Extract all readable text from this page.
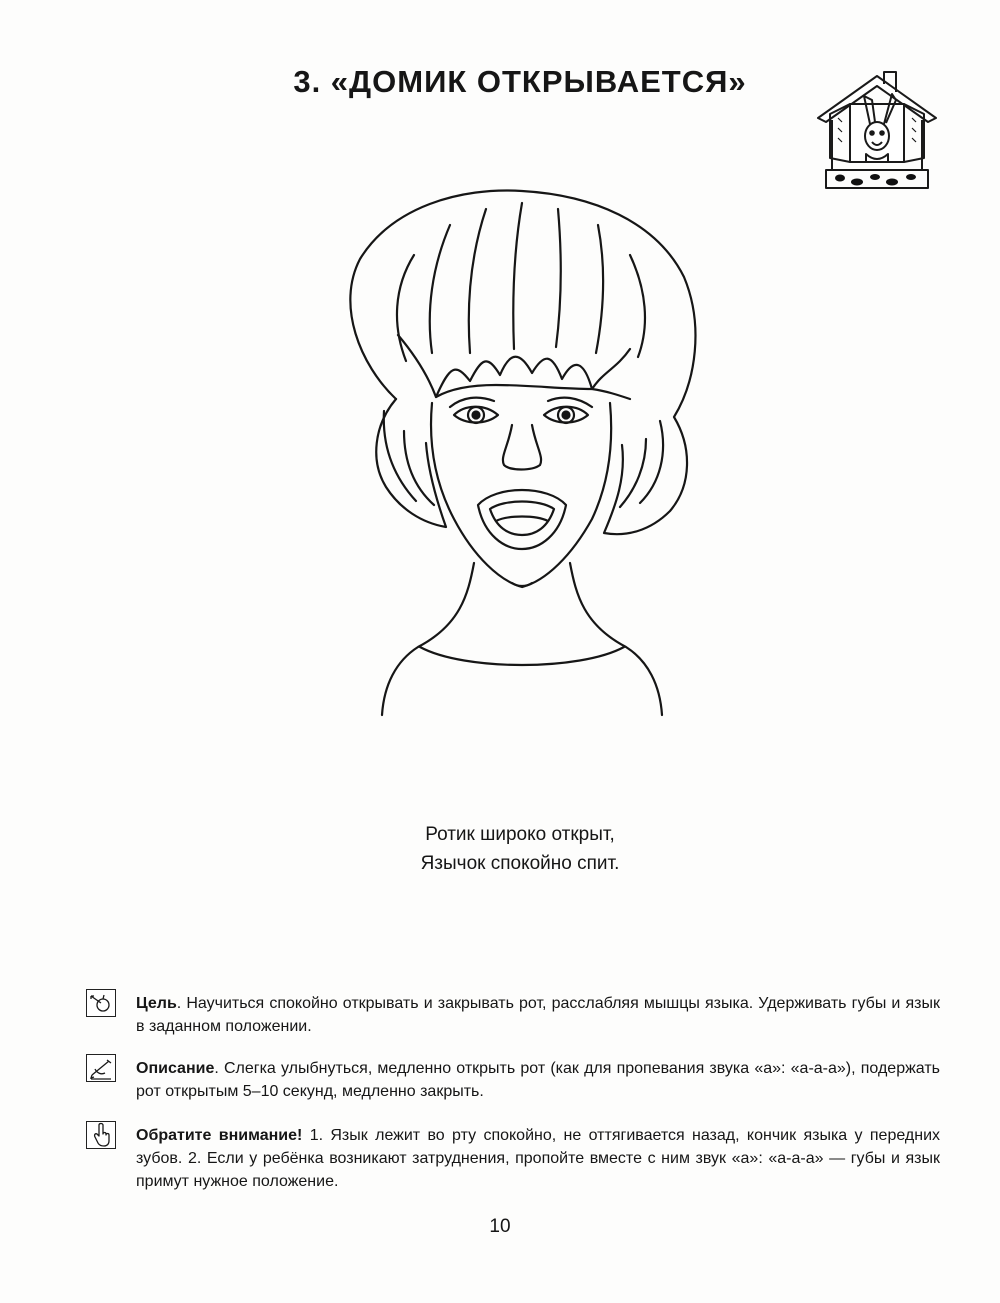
3. «ДОМИК ОТКРЫВАЕТСЯ»
Ротик широко открыт,
Язычок спокойно спит.
Цель. Научиться спокойно открывать и закрывать рот, расслабляя мышцы языка. Удерживать губы и язык в заданном положении.
Описание. Слегка улыбнуться, медленно открыть рот (как для пропевания звука «а»: «а-а-а»), подержать рот открытым 5–10 секунд, медленно закрыть.
Обратите внимание! 1. Язык лежит во рту спокойно, не оттягивается назад, кончик языка у передних зубов. 2. Если у ребёнка возникают затруднения, пропойте вместе с ним звук «а»: «а-а-а» — губы и язык примут нужное положение.
10
